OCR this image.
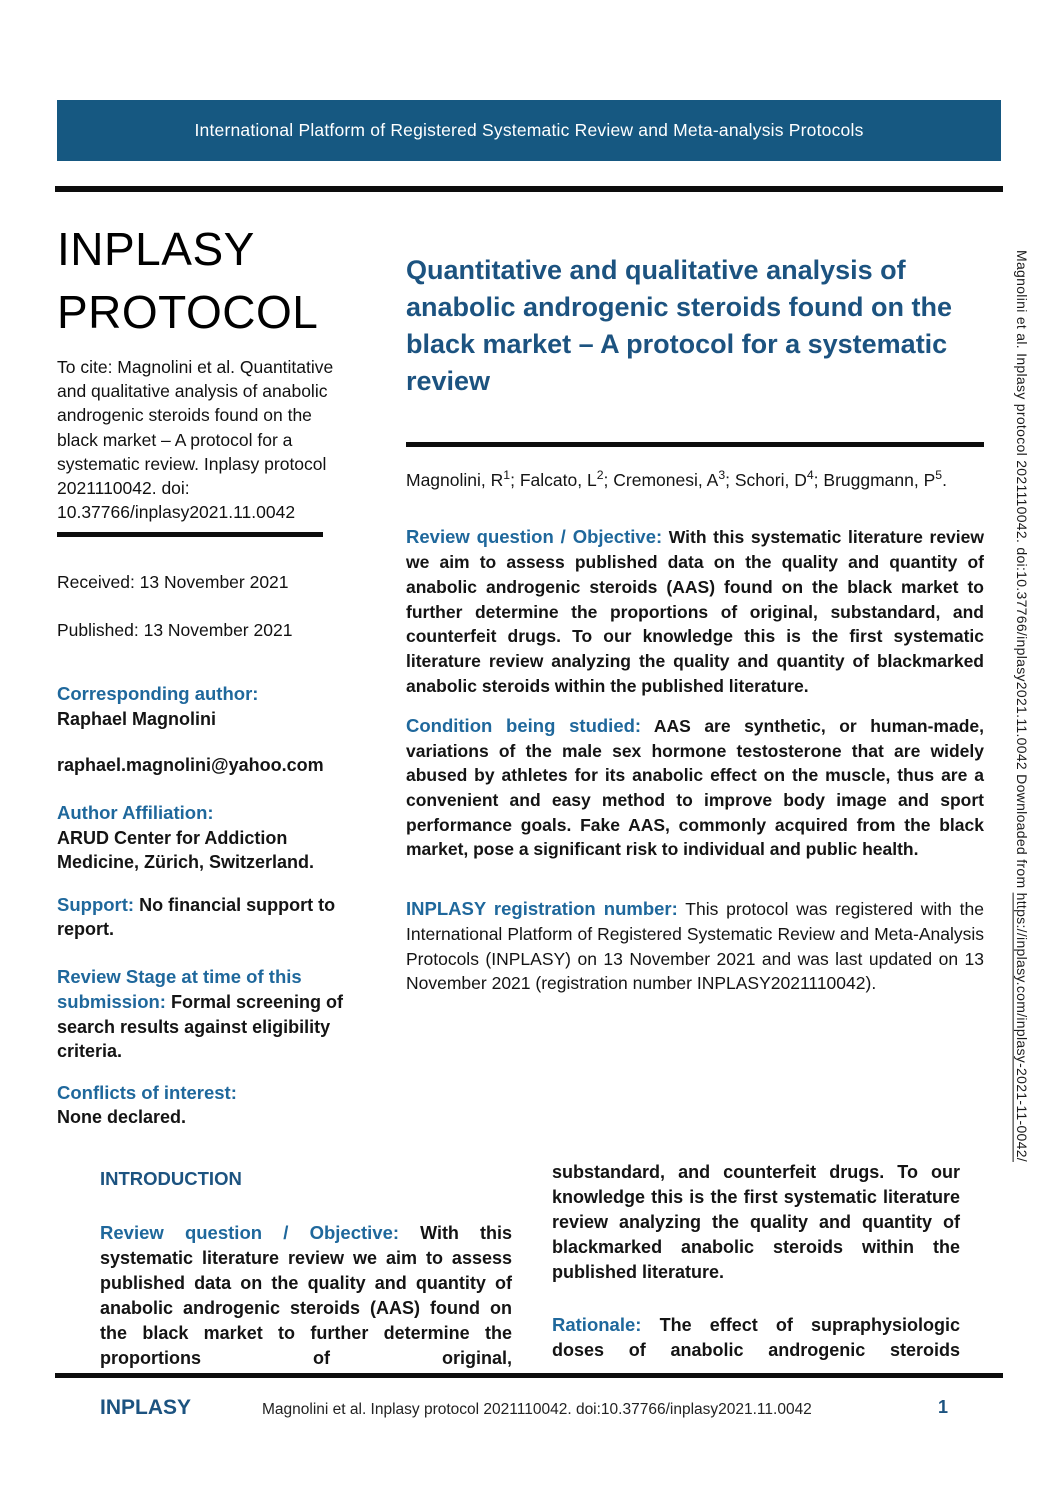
International Platform of Registered Systematic Review and Meta-analysis Protocols
INPLASY
PROTOCOL

To cite: Magnolini et al. Quantitative and qualitative analysis of anabolic androgenic steroids found on the black market – A protocol for a systematic review. Inplasy protocol 2021110042. doi: 10.37766/inplasy2021.11.0042

Received: 13 November 2021

Published: 13 November 2021

Corresponding author:
Raphael Magnolini

raphael.magnolini@yahoo.com

Author Affiliation:
ARUD Center for Addiction Medicine, Zürich, Switzerland.

Support: No financial support to report.

Review Stage at time of this submission: Formal screening of search results against eligibility criteria.

Conflicts of interest:
None declared.

Quantitative and qualitative analysis of anabolic androgenic steroids found on the black market – A protocol for a systematic review

Magnolini, $R^1$; Falcato, $L^2$; Cremonesi, $A^3$; Schori, $D^4$; Bruggmann, $P^5$.

Review question / Objective: With this systematic literature review we aim to assess published data on the quality and quantity of anabolic androgenic steroids (AAS) found on the black market to further determine the proportions of original, substandard, and counterfeit drugs. To our knowledge this is the first systematic literature review analyzing the quality and quantity of blackmarked anabolic steroids within the published literature.

Condition being studied: AAS are synthetic, or human-made, variations of the male sex hormone testosterone that are widely abused by athletes for its anabolic effect on the muscle, thus are a convenient and easy method to improve body image and sport performance goals. Fake AAS, commonly acquired from the black market, pose a significant risk to individual and public health.

INPLASY registration number: This protocol was registered with the International Platform of Registered Systematic Review and Meta-Analysis Protocols (INPLASY) on 13 November 2021 and was last updated on 13 November 2021 (registration number INPLASY2021110042).

INTRODUCTION

Review question / Objective: With this systematic literature review we aim to assess published data on the quality and quantity of anabolic androgenic steroids (AAS) found on the black market to further determine the proportions of original,

substandard, and counterfeit drugs. To our knowledge this is the first systematic literature review analyzing the quality and quantity of blackmarked anabolic steroids within the published literature.

Rationale: The effect of supraphysiologic doses of anabolic androgenic steroids

INPLASY	Magnolini et al. Inplasy protocol 2021110042. doi:10.37766/inplasy2021.11.0042	1
Magnolini et al. Inplasy protocol 2021110042. doi:10.37766/inplasy2021.11.0042 Downloaded from https://inplasy.com/inplasy-2021-11-0042/
